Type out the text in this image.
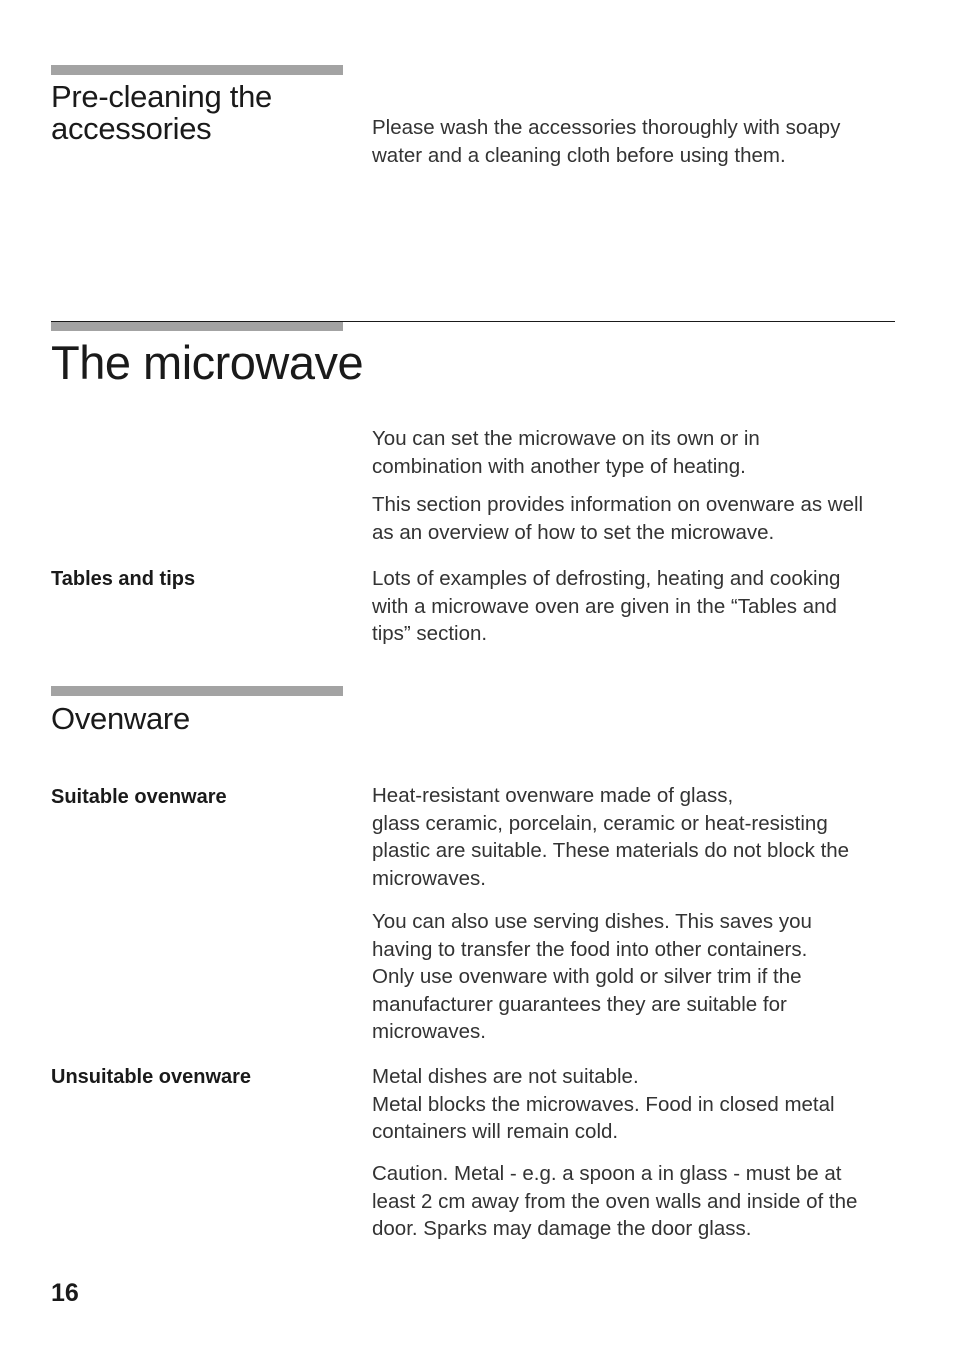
Pre-cleaning the
accessories	Please wash the accessories thoroughly with soapy
water and a cleaning cloth before using them.

The microwave

You can set the microwave on its own or in
combination with another type of heating.

This section provides information on ovenware as well
as an overview of how to set the microwave.

Tables and tips	Lots of examples of defrosting, heating and cooking
with a microwave oven are given in the “Tables and
tips” section.

Ovenware
Suitable ovenware	Heat-resistant ovenware made of glass,
glass ceramic, porcelain, ceramic or heat-resisting
plastic are suitable. These materials do not block the
microwaves.

You can also use serving dishes. This saves you
having to transfer the food into other containers.
Only use ovenware with gold or silver trim if the
manufacturer guarantees they are suitable for
microwaves.

Unsuitable ovenware	Metal dishes are not suitable.
Metal blocks the microwaves. Food in closed metal
containers will remain cold.

Caution. Metal - e.g. a spoon a in glass - must be at
least 2 cm away from the oven walls and inside of the
door. Sparks may damage the door glass.

16
